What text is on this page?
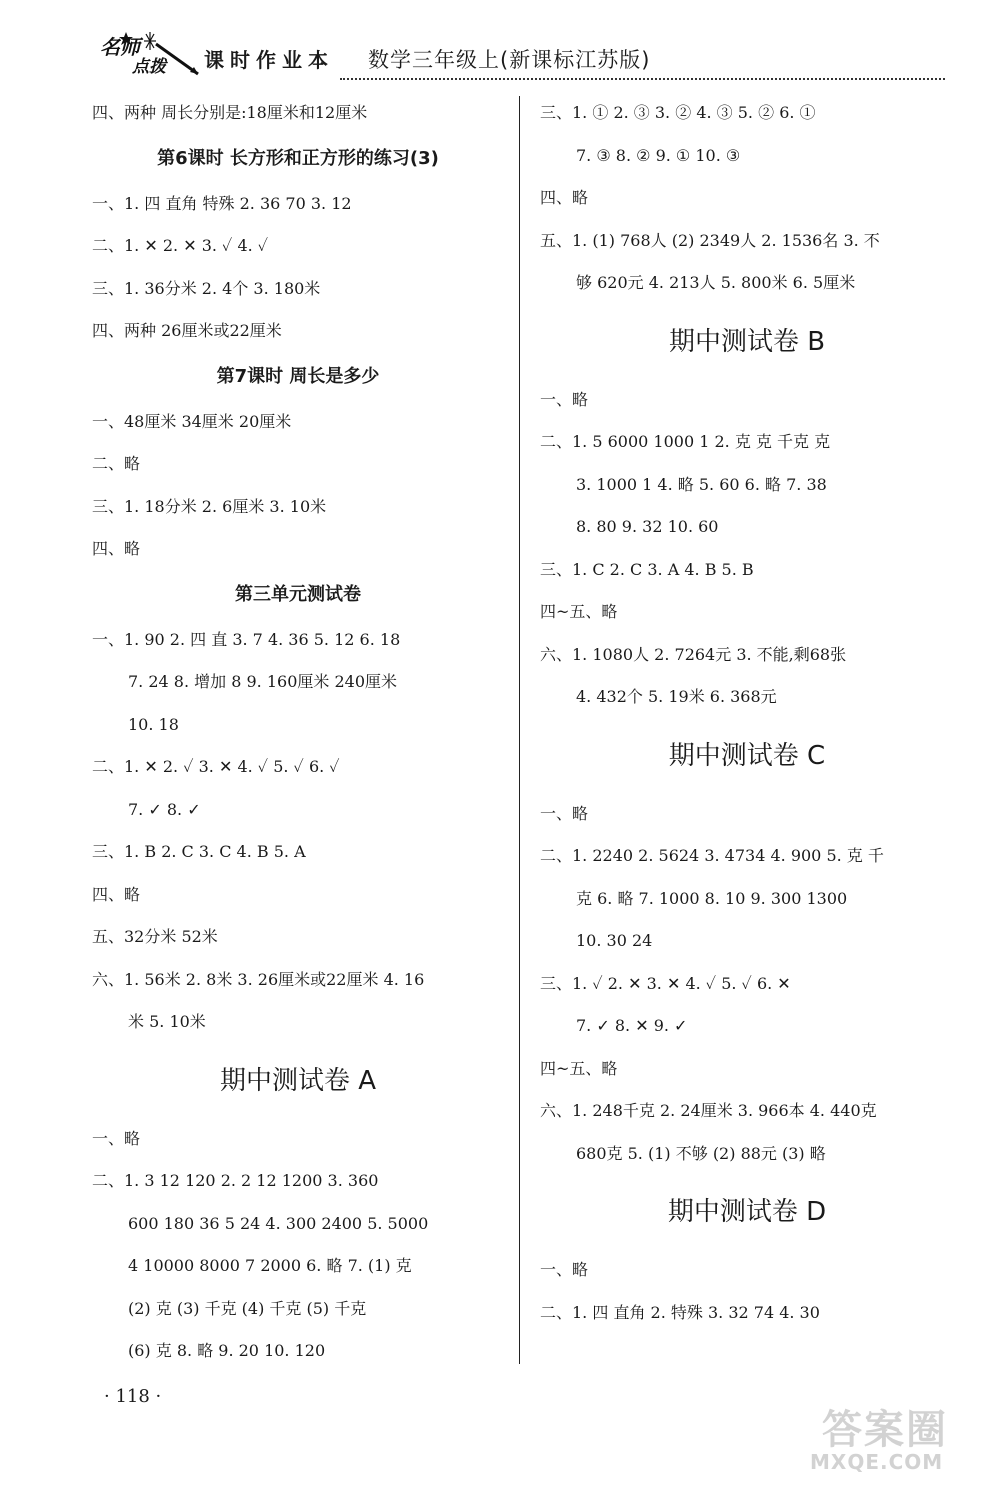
名师
点拨 课时作业本 数学三年级上(新课标江苏版)
四、两种 周长分别是:18厘米和12厘米
第6课时 长方形和正方形的练习(3)
一、1. 四 直角 特殊 2. 36 70 3. 12
二、1. ✕ 2. ✕ 3. ✓ 4. ✓
三、1. 36分米 2. 4个 3. 180米
四、两种 26厘米或22厘米
第7课时 周长是多少
一、48厘米 34厘米 20厘米
二、略
三、1. 18分米 2. 6厘米 3. 10米
四、略
第三单元测试卷
一、1. 90 2. 四 直 3. 7 4. 36 5. 12 6. 18
7. 24 8. 增加 8 9. 160厘米 240厘米
10. 18
二、1. ✕ 2. ✓ 3. ✕ 4. ✓ 5. ✓ 6. ✓
7. ✓ 8. ✓
三、1. B 2. C 3. C 4. B 5. A
四、略
五、32分米 52米
六、1. 56米 2. 8米 3. 26厘米或22厘米 4. 16
米 5. 10米
期中测试卷 A
一、略
二、1. 3 12 120 2. 2 12 1200 3. 360
600 180 36 5 24 4. 300 2400 5. 5000
4 10000 8000 7 2000 6. 略 7. (1) 克
(2) 克 (3) 千克 (4) 千克 (5) 千克
(6) 克 8. 略 9. 20 10. 120
三、1. ① 2. ③ 3. ② 4. ③ 5. ② 6. ①
7. ③ 8. ② 9. ① 10. ③
四、略
五、1. (1) 768人 (2) 2349人 2. 1536名 3. 不
够 620元 4. 213人 5. 800米 6. 5厘米
期中测试卷 B
一、略
二、1. 5 6000 1000 1 2. 克 克 千克 克
3. 1000 1 4. 略 5. 60 6. 略 7. 38
8. 80 9. 32 10. 60
三、1. C 2. C 3. A 4. B 5. B
四~五、略
六、1. 1080人 2. 7264元 3. 不能,剩68张
4. 432个 5. 19米 6. 368元
期中测试卷 C
一、略
二、1. 2240 2. 5624 3. 4734 4. 900 5. 克 千
克 6. 略 7. 1000 8. 10 9. 300 1300
10. 30 24
三、1. ✓ 2. ✕ 3. ✕ 4. ✓ 5. ✓ 6. ✕
7. ✓ 8. ✕ 9. ✓
四~五、略
六、1. 248千克 2. 24厘米 3. 966本 4. 440克
680克 5. (1) 不够 (2) 88元 (3) 略
期中测试卷 D
一、略
二、1. 四 直角 2. 特殊 3. 32 74 4. 30
· 118 ·
答案圈
MXQE.COM
